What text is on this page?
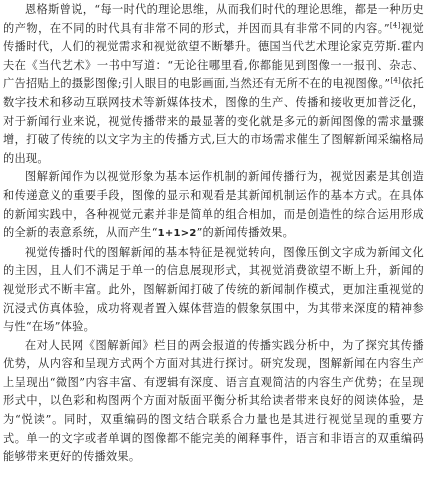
恩格斯曾说，“每一时代的理论思维，从而我们时代的理论思维，都是一种历史的产物，在不同的时代具有非常不同的形式，并因而具有非常不同的内容。”[4]视觉传播时代，人们的视觉需求和视觉欲望不断攀升。德国当代艺术理论家克劳斯.霍内夫在《当代艺术》一书中写道：“无论往哪里看,你都能见到图像一一报刊、杂志、广告招贴上的摄影图像;引人眼目的电影画面,当然还有无所不在的电视图像。”[4]依托数字技术和移动互联网技术等新媒体技术，图像的生产、传播和接收更加普泛化，对于新闻行业来说，视觉传播带来的最显著的变化就是多元的新闻图像的需求量骤增，打破了传统的以文字为主的传播方式,巨大的市场需求催生了图解新闻采编格局的出现。

图解新闻作为以视觉形象为基本运作机制的新闻传播行为，视觉因素是其创造和传递意义的重要手段，图像的显示和观看是其新闻机制运作的基本方式。在具体的新闻实践中，各种视觉元素并非是简单的组合相加，而是创造性的综合运用形成的全新的表意系统，从而产生“1+1>2”的新闻传播效果。

视觉传播时代的图解新闻的基本特征是视觉转向，图像压倒文字成为新闻文化的主因，且人们不满足于单一的信息展现形式，其视觉消费欲望不断上升，新闻的视觉形式不断丰富。此外，图解新闻打破了传统的新闻制作模式，更加注重视觉的沉浸式仿真体验，成功将观者置入媒体营造的假象氛围中，为其带来深度的精神参与性“在场”体验。

在对人民网《图解新闻》栏目的两会报道的传播实践分析中，为了探究其传播优势，从内容和呈现方式两个方面对其进行探讨。研究发现，图解新闻在内容生产上呈现出“微图”内容丰富、有逻辑有深度、语言直观简洁的内容生产优势；在呈现形式中，以色彩和构图两个方面对版面平衡分析其给读者带来良好的阅读体验，是为“悦读”。同时，双重编码的图文结合联系合力量也是其进行视觉呈现的重要方式。单一的文字或者单调的图像都不能完美的阐释事件，语言和非语言的双重编码能够带来更好的传播效果。
